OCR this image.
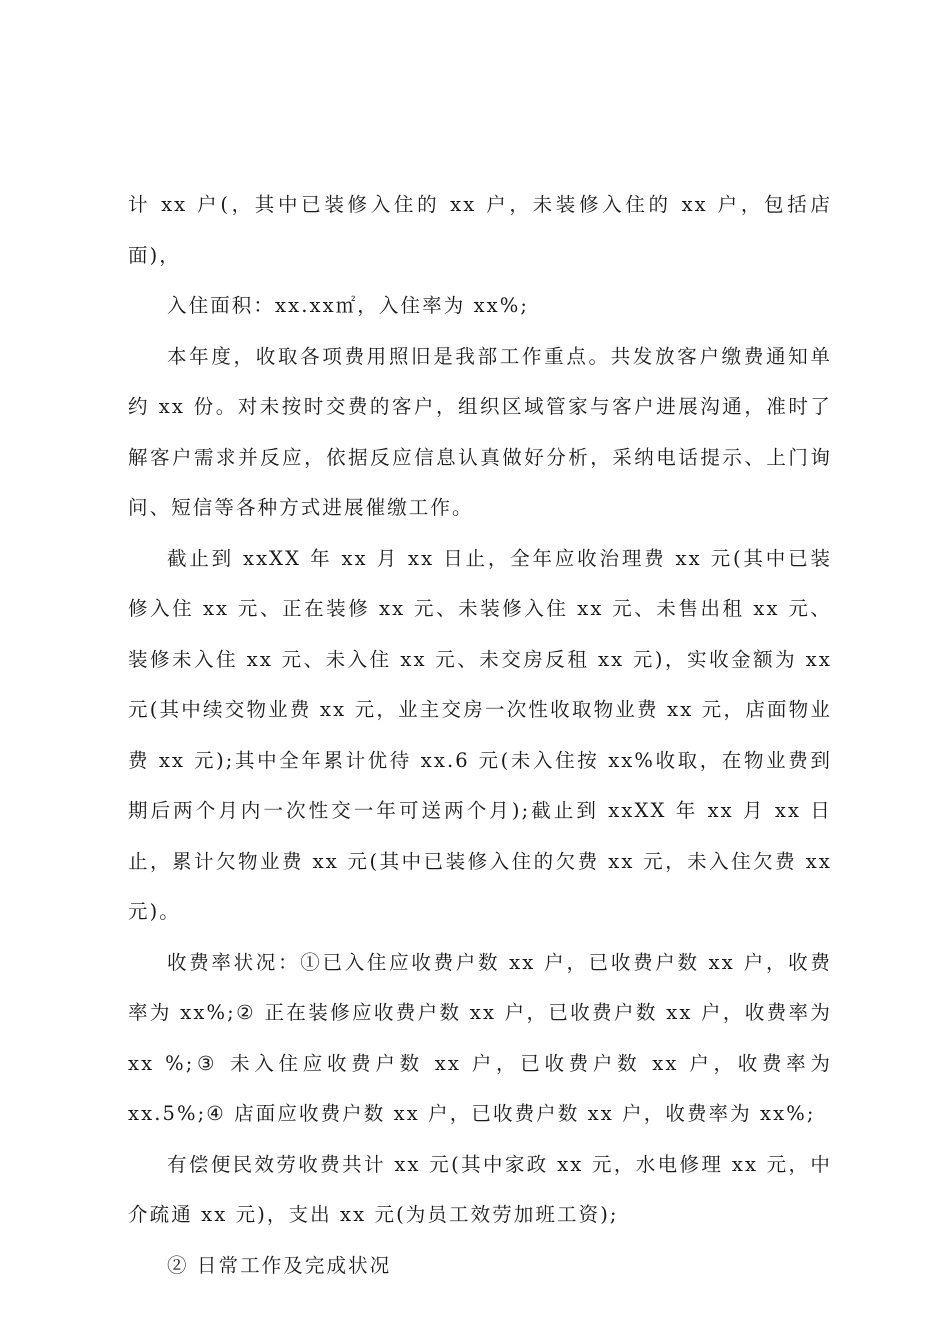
计 xx 户(，其中已装修入住的 xx 户，未装修入住的 xx 户，包括店面)，
入住面积：xx.xx㎡，入住率为 xx%;

本年度，收取各项费用照旧是我部工作重点。共发放客户缴费通知单约 xx 份。对未按时交费的客户，组织区域管家与客户进展沟通，准时了解客户需求并反应，依据反应信息认真做好分析，采纳电话提示、上门询问、短信等各种方式进展催缴工作。

截止到 xxXX 年 xx 月 xx 日止，全年应收治理费 xx 元(其中已装修入住 xx 元、正在装修 xx 元、未装修入住 xx 元、未售出租 xx 元、装修未入住 xx 元、未入住 xx 元、未交房反租 xx 元)，实收金额为 xx 元(其中续交物业费 xx 元，业主交房一次性收取物业费 xx 元，店面物业费 xx 元);其中全年累计优待 xx.6 元(未入住按 xx%收取，在物业费到期后两个月内一次性交一年可送两个月);截止到 xxXX 年 xx 月 xx 日止，累计欠物业费 xx 元(其中已装修入住的欠费 xx 元，未入住欠费 xx 元)。

收费率状况：①已入住应收费户数 xx 户，已收费户数 xx 户，收费率为 xx%;② 正在装修应收费户数 xx 户，已收费户数 xx 户，收费率为 xx %;③ 未入住应收费户数 xx 户，已收费户数 xx 户，收费率为 xx.5%;④ 店面应收费户数 xx 户，已收费户数 xx 户，收费率为 xx%;

有偿便民效劳收费共计 xx 元(其中家政 xx 元，水电修理 xx 元，中介疏通 xx 元)，支出 xx 元(为员工效劳加班工资);

② 日常工作及完成状况
